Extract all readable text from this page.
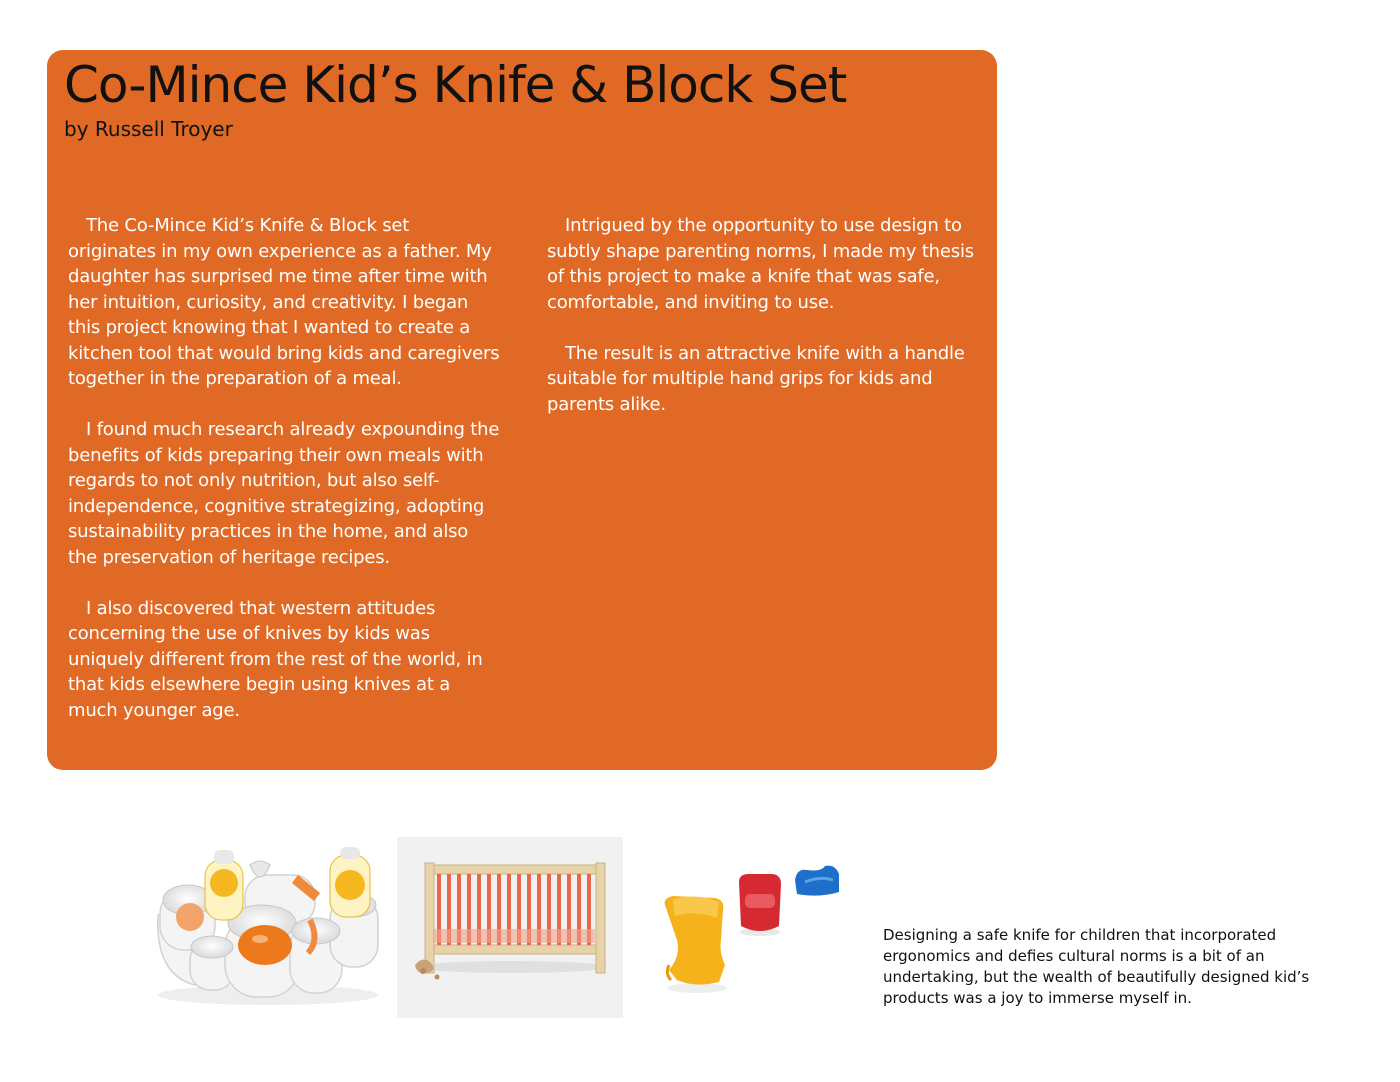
Co-Mince Kid’s Knife & Block Set
by Russell Troyer

The Co-Mince Kid’s Knife & Block set originates in my own experience as a father. My daughter has surprised me time after time with her intuition, curiosity, and creativity. I began this project knowing that I wanted to create a kitchen tool that would bring kids and caregivers together in the preparation of a meal.

I found much research already expounding the benefits of kids preparing their own meals with regards to not only nutrition, but also self-independence, cognitive strategizing, adopting sustainability practices in the home, and also the preservation of heritage recipes.

I also discovered that western attitudes concerning the use of knives by kids was uniquely different from the rest of the world, in that kids elsewhere begin using knives at a much younger age.

Intrigued by the opportunity to use design to subtly shape parenting norms, I made my thesis of this project to make a knife that was safe, comfortable, and inviting to use.

The result is an attractive knife with a handle suitable for multiple hand grips for kids and parents alike.

Designing a safe knife for children that incorporated ergonomics and defies cultural norms is a bit of an undertaking, but the wealth of beautifully designed kid’s products was a joy to immerse myself in.
